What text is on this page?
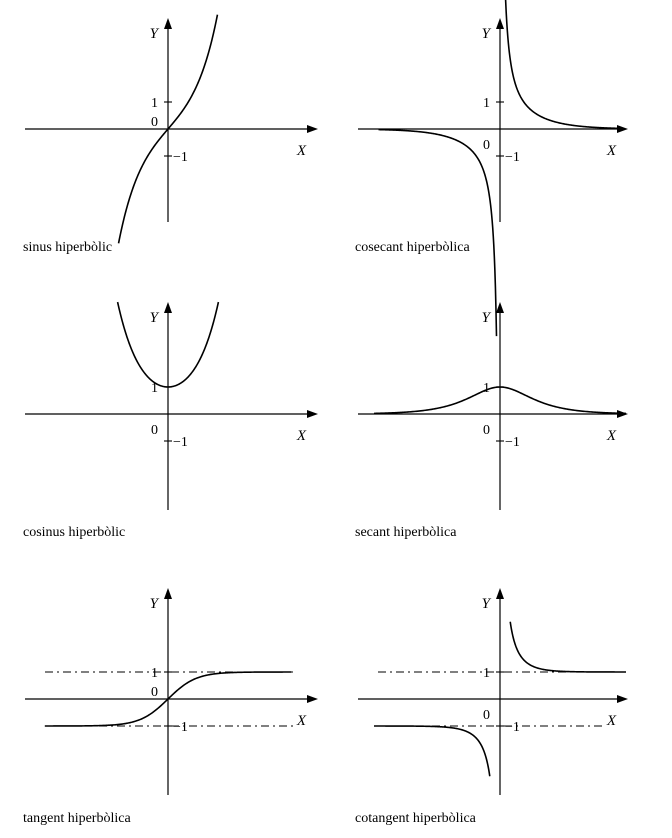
Y
X
1
−1
0
sinus hiperbòlic
Y
X
1
−1
0
cosecant hiperbòlica
Y
X
1
−1
0
cosinus hiperbòlic
Y
X
1
−1
0
secant hiperbòlica
Y
X
1
−1
0
tangent hiperbòlica
Y
X
1
−1
0
cotangent hiperbòlica
